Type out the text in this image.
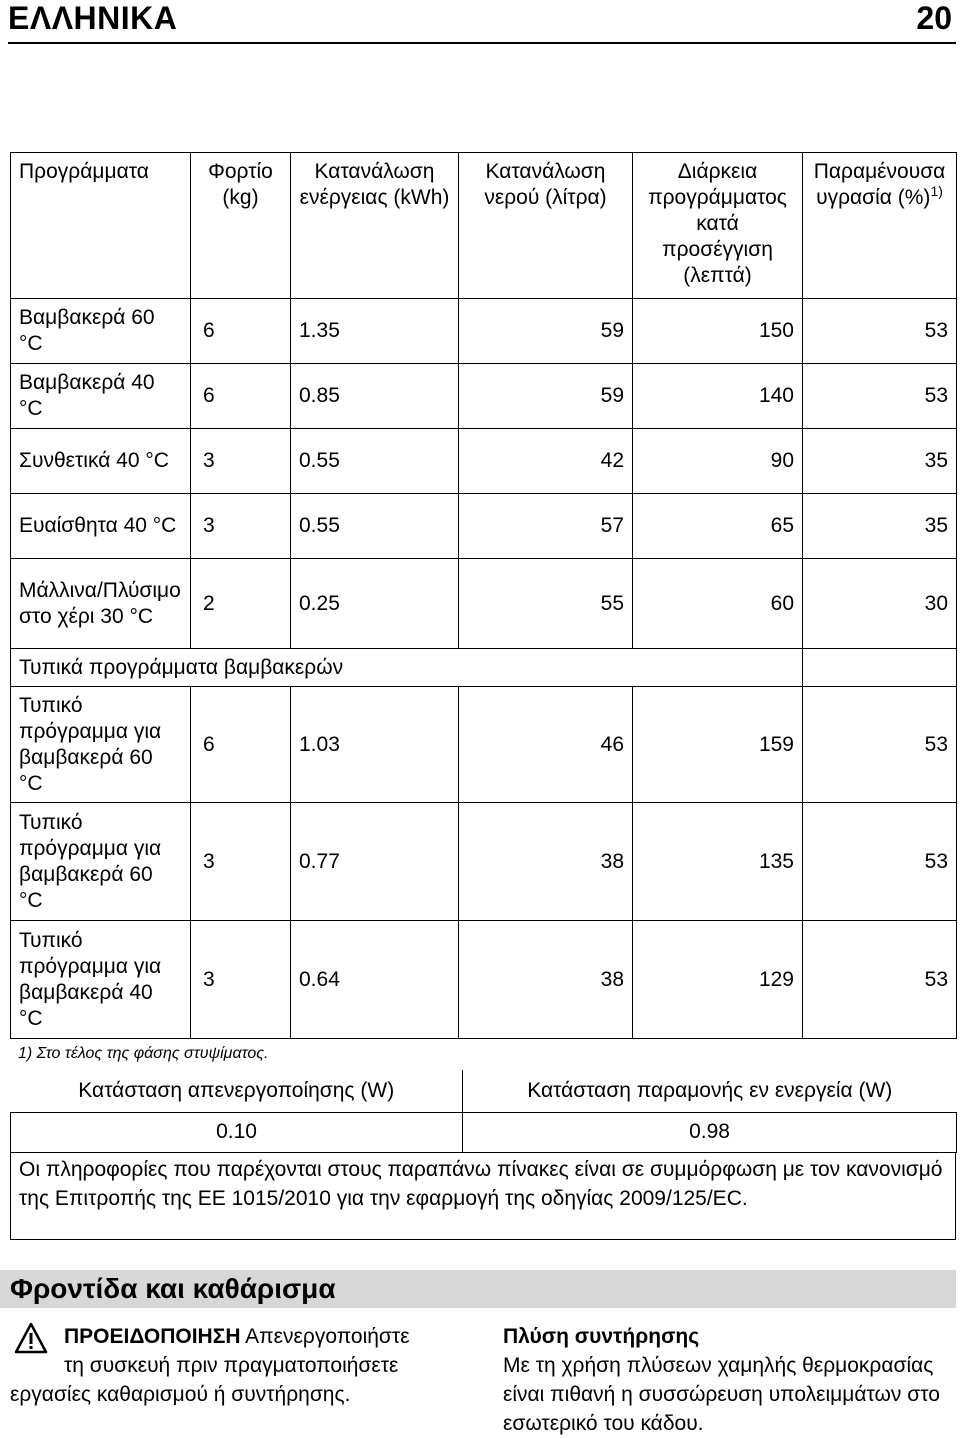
ΕΛΛΗΝΙΚΑ	20
Προγράμματα	Φορτίο (kg)	Κατανάλωση ενέργειας (kWh)	Κατανάλωση νερού (λίτρα)	Διάρκεια προγράμματος κατά προσέγγιση (λεπτά)	Παραμένουσα υγρασία (%)$^{1)}$
Βαμβακερά 60 °C	6	1.35	59	150	53
Βαμβακερά 40 °C	6	0.85	59	140	53
Συνθετικά 40 °C	3	0.55	42	90	35
Ευαίσθητα 40 °C	3	0.55	57	65	35
Μάλλινα/Πλύσιμο στο χέρι 30 °C	2	0.25	55	60	30
Τυπικά προγράμματα βαμβακερών					
Τυπικό πρόγραμμα για βαμβακερά 60 °C	6	1.03	46	159	53
Τυπικό πρόγραμμα για βαμβακερά 60 °C	3	0.77	38	135	53
Τυπικό πρόγραμμα για βαμβακερά 40 °C	3	0.64	38	129	53
1) Στο τέλος της φάσης στυψίματος.
Κατάσταση απενεργοποίησης (W)	Κατάσταση παραμονής εν ενεργεία (W)
0.10	0.98
Οι πληροφορίες που παρέχονται στους παραπάνω πίνακες είναι σε συμμόρφωση με τον κανονισμό της Επιτροπής της ΕΕ 1015/2010 για την εφαρμογή της οδηγίας 2009/125/EC.
Φροντίδα και καθάρισμα
ΠΡΟΕΙΔΟΠΟΙΗΣΗ Απενεργοποιήστε
τη συσκευή πριν πραγματοποιήσετε
εργασίες καθαρισμού ή συντήρησης.
Πλύση συντήρησης
Με τη χρήση πλύσεων χαμηλής θερμοκρασίας είναι πιθανή η συσσώρευση υπολειμμάτων στο εσωτερικό του κάδου.
